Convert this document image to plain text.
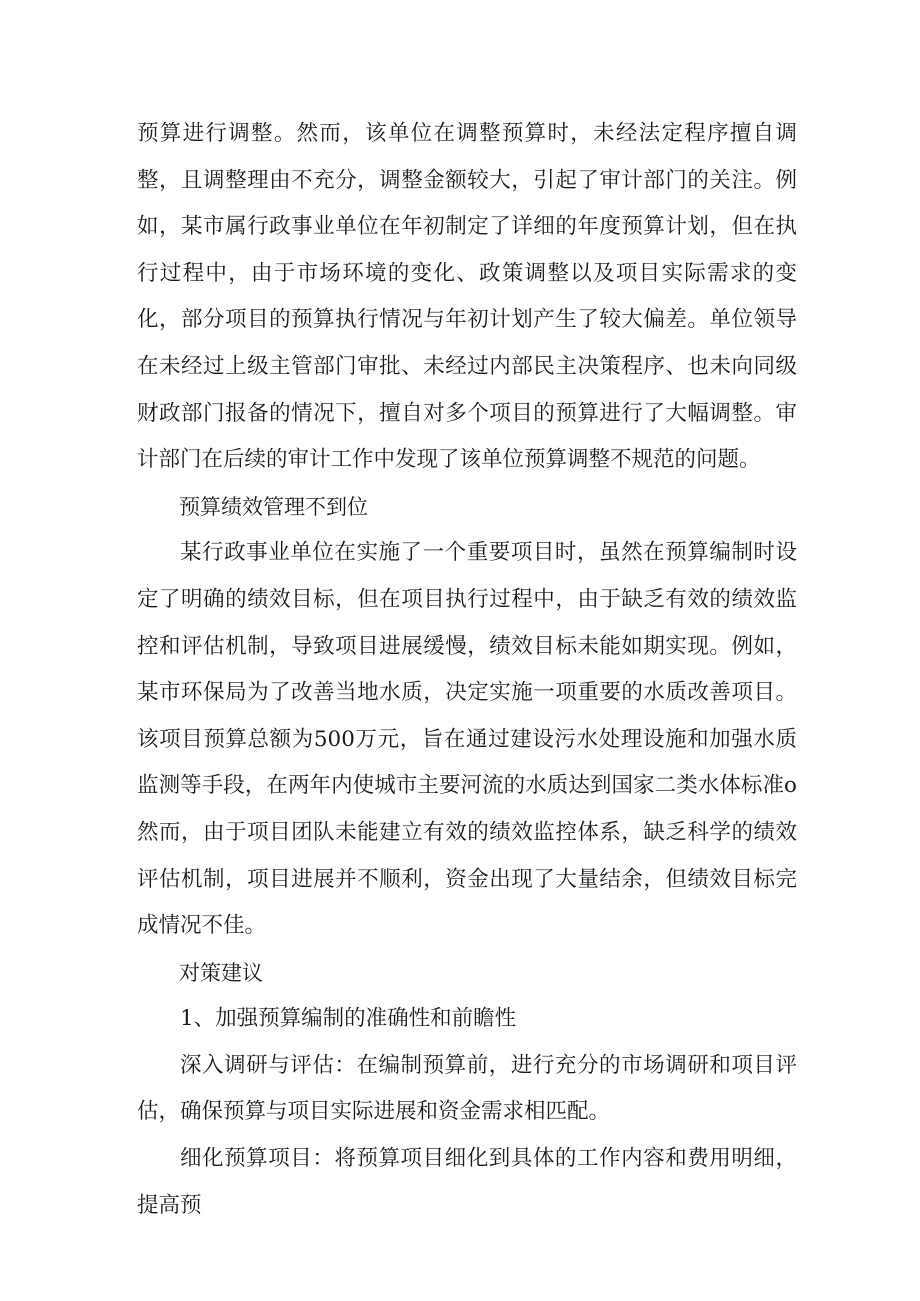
预算进行调整。然而，该单位在调整预算时，未经法定程序擅自调整，且调整理由不充分，调整金额较大，引起了审计部门的关注。例如，某市属行政事业单位在年初制定了详细的年度预算计划，但在执行过程中，由于市场环境的变化、政策调整以及项目实际需求的变化，部分项目的预算执行情况与年初计划产生了较大偏差。单位领导在未经过上级主管部门审批、未经过内部民主决策程序、也未向同级财政部门报备的情况下，擅自对多个项目的预算进行了大幅调整。审计部门在后续的审计工作中发现了该单位预算调整不规范的问题。

预算绩效管理不到位

某行政事业单位在实施了一个重要项目时，虽然在预算编制时设定了明确的绩效目标，但在项目执行过程中，由于缺乏有效的绩效监控和评估机制，导致项目进展缓慢，绩效目标未能如期实现。例如，某市环保局为了改善当地水质，决定实施一项重要的水质改善项目。该项目预算总额为500万元，旨在通过建设污水处理设施和加强水质监测等手段，在两年内使城市主要河流的水质达到国家二类水体标准o然而，由于项目团队未能建立有效的绩效监控体系，缺乏科学的绩效评估机制，项目进展并不顺利，资金出现了大量结余，但绩效目标完成情况不佳。

对策建议

1、加强预算编制的准确性和前瞻性

深入调研与评估：在编制预算前，进行充分的市场调研和项目评估，确保预算与项目实际进展和资金需求相匹配。

细化预算项目：将预算项目细化到具体的工作内容和费用明细，提高预
